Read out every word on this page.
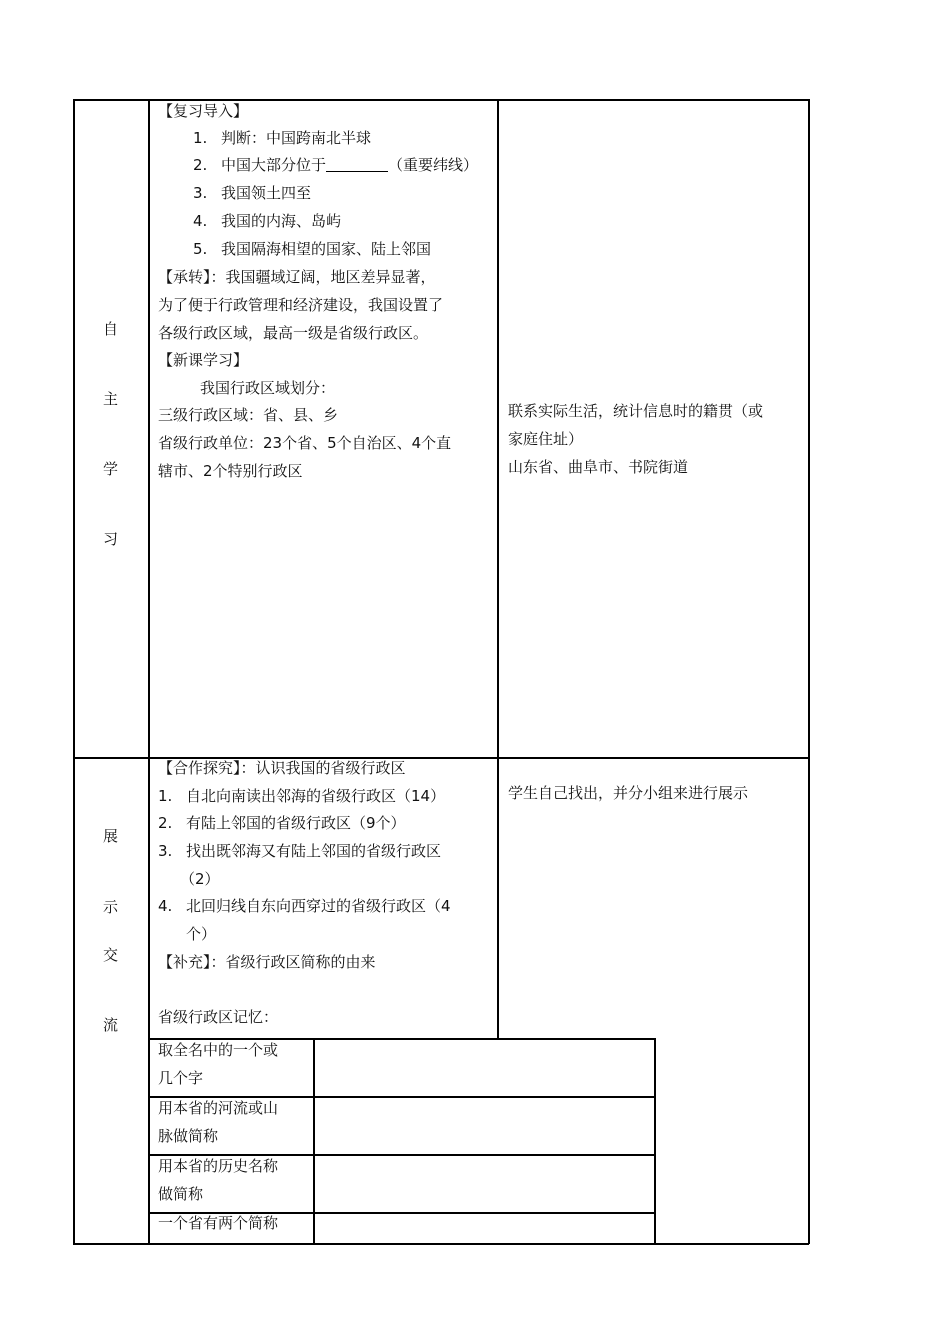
自
主
学
习
展
示
交
流
【复习导入】
1. 判断：中国跨南北半球
2. 中国大部分位于	（重要纬线）
3. 我国领土四至
4. 我国的内海、岛屿
5. 我国隔海相望的国家、陆上邻国
【承转】：我国疆域辽阔，地区差异显著，
为了便于行政管理和经济建设，我国设置了
各级行政区域，最高一级是省级行政区。
【新课学习】
我国行政区域划分：
三级行政区域：省、县、乡
省级行政单位：23个省、5个自治区、4个直
辖市、2个特别行政区
联系实际生活，统计信息时的籍贯（或
家庭住址）
山东省、曲阜市、书院街道
【合作探究】：认识我国的省级行政区
1. 自北向南读出邻海的省级行政区（14）
2. 有陆上邻国的省级行政区（9个）
3. 找出既邻海又有陆上邻国的省级行政区
（2）
4. 北回归线自东向西穿过的省级行政区（4
个）
【补充】：省级行政区简称的由来
省级行政区记忆：
学生自己找出，并分小组来进行展示
取全名中的一个或
几个字
用本省的河流或山
脉做简称
用本省的历史名称
做简称
一个省有两个简称
